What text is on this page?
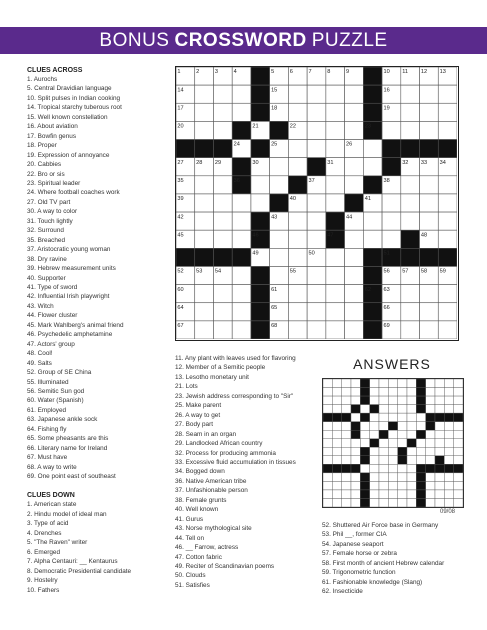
BONUS CROSSWORD PUZZLE
CLUES ACROSS
1. Aurochs
5. Central Dravidian language
10. Split pulses in Indian cooking
14. Tropical starchy tuberous root
15. Well known constellation
16. About aviation
17. Bowfin genus
18. Proper
19. Expression of annoyance
20. Cabbies
22. Bro or sis
23. Spiritual leader
24. Where football coaches work
27. Old TV part
30. A way to color
31. Touch lightly
32. Surround
35. Breached
37. Aristocratic young woman
38. Dry ravine
39. Hebrew measurement units
40. Supporter
41. Type of sword
42. Influential Irish playwright
43. Witch
44. Flower cluster
45. Mark Wahlberg's animal friend
46. Psychedelic amphetamine
47. Actors' group
48. Cool!
49. Salts
52. Group of SE China
55. Illuminated
56. Semitic Sun god
60. Water (Spanish)
61. Employed
63. Japanese ankle sock
64. Fishing fly
65. Some pheasants are this
66. Literary name for Ireland
67. Must have
68. A way to write
69. One point east of southeast
CLUES DOWN
1. American state
2. Hindu model of ideal man
3. Type of acid
4. Drenches
5. "The Raven" writer
6. Emerged
7. Alpha Centauri: __ Kentaurus
8. Democratic Presidential candidate
9. Hostelry
10. Fathers
1	2	3	4	5	6	7	8	9	10 11 12 13
14	15	16
17	18	19
20	21	22	23
24	25	26
27 28 29	30	31	32 33 34
35	36	37	38
39	40	41
42	43	44
45	46	47	48
49	50	51
52 53 54	55	56 57 58 59
60	61	62 63
64	65	66
67	68	69
11. Any plant with leaves used for flavoring
12. Member of a Semitic people
13. Lesotho monetary unit
21. Lots
23. Jewish address corresponding to "Sir"
25. Make parent
26. A way to get
27. Body part
28. Seam in an organ
29. Landlocked African country
32. Process for producing ammonia
33. Excessive fluid accumulation in tissues
34. Bogged down
36. Native American tribe
37. Unfashionable person
38. Female grunts
40. Well known
41. Gurus
43. Norse mythological site
44. Tell on
46. __ Farrow, actress
47. Cotton fabric
49. Reciter of Scandinavian poems
50. Clouds
51. Satisfies
ANSWERS
09/08
52. Shuttered Air Force base in Germany
53. Phil __, former CIA
54. Japanese seaport
57. Female horse or zebra
58. First month of ancient Hebrew calendar
59. Trigonometric function
61. Fashionable knowledge (Slang)
62. Insecticide
